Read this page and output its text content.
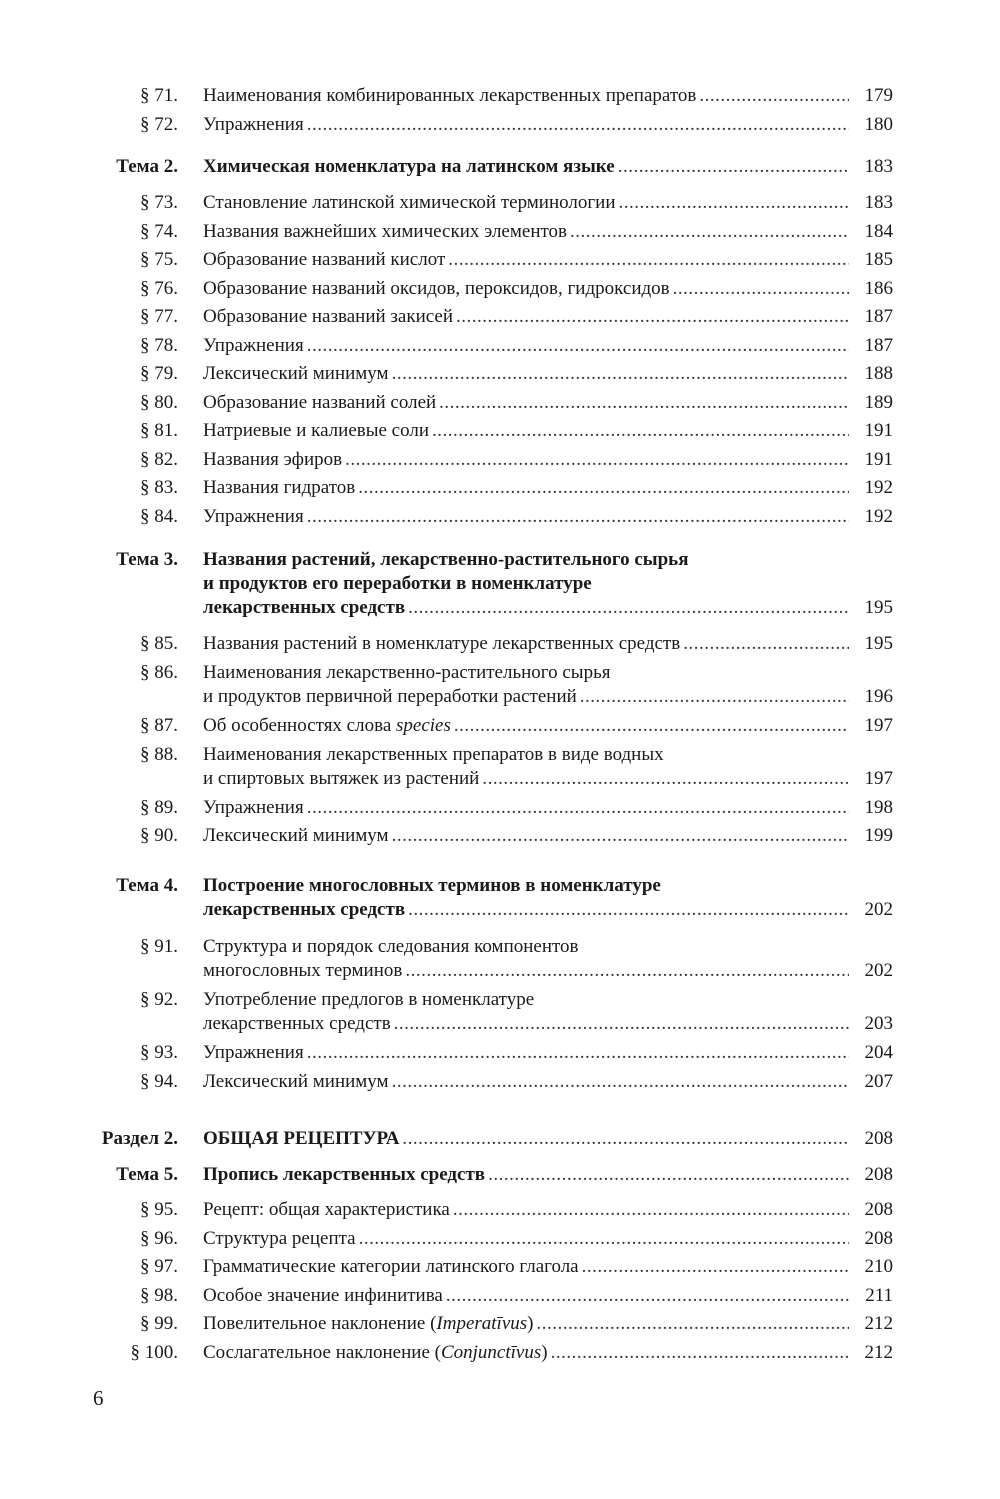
§ 71. Наименования комбинированных лекарственных препаратов .....	179
§ 72. Упражнения .....	180
Тема 2. Химическая номенклатура на латинском языке .....	183
§ 73. Становление латинской химической терминологии .....	183
§ 74. Названия важнейших химических элементов .....	184
§ 75. Образование названий кислот .....	185
§ 76. Образование названий оксидов, пероксидов, гидроксидов .....	186
§ 77. Образование названий закисей .....	187
§ 78. Упражнения .....	187
§ 79. Лексический минимум .....	188
§ 80. Образование названий солей .....	189
§ 81. Натриевые и калиевые соли .....	191
§ 82. Названия эфиров .....	191
§ 83. Названия гидратов .....	192
§ 84. Упражнения .....	192
Тема 3. Названия растений, лекарственно-растительного сырья
и продуктов его переработки в номенклатуре
лекарственных средств .....	195
§ 85. Названия растений в номенклатуре лекарственных средств .....	195
§ 86. Наименования лекарственно-растительного сырья
и продуктов первичной переработки растений .....	196
§ 87. Об особенностях слова species .....	197
§ 88. Наименования лекарственных препаратов в виде водных
и спиртовых вытяжек из растений .....	197
§ 89. Упражнения .....	198
§ 90. Лексический минимум .....	199
Тема 4. Построение многословных терминов в номенклатуре
лекарственных средств .....	202
§ 91. Структура и порядок следования компонентов
многословных терминов .....	202
§ 92. Употребление предлогов в номенклатуре
лекарственных средств .....	203
§ 93. Упражнения .....	204
§ 94. Лексический минимум .....	207
Раздел 2. ОБЩАЯ РЕЦЕПТУРА .....	208
Тема 5. Пропись лекарственных средств .....	208
§ 95. Рецепт: общая характеристика .....	208
§ 96. Структура рецепта .....	208
§ 97. Грамматические категории латинского глагола .....	210
§ 98. Особое значение инфинитива .....	211
§ 99. Повелительное наклонение (Imperatīvus) .....	212
§ 100. Сослагательное наклонение (Conjunctīvus) .....	212
6
